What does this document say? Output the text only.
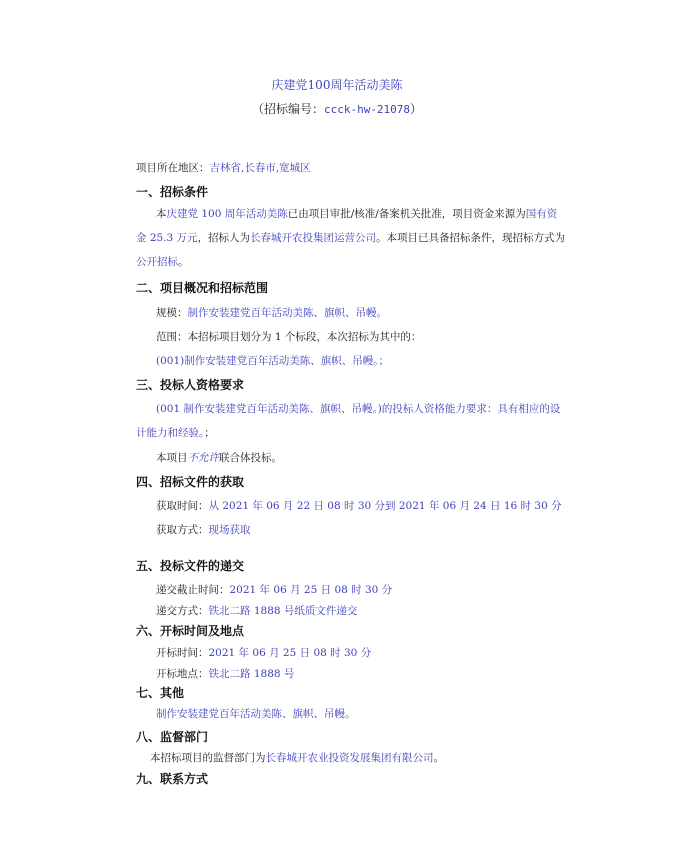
庆建党100周年活动美陈
（招标编号：ccck-hw-21078）
项目所在地区：吉林省,长春市,宽城区
一、招标条件
本庆建党 100 周年活动美陈已由项目审批/核准/备案机关批准，项目资金来源为国有资金 25.3 万元，招标人为长春城开农投集团运营公司。本项目已具备招标条件，现招标方式为公开招标。
二、项目概况和招标范围
规模：制作安装建党百年活动美陈、旗帜、吊幔。
范围：本招标项目划分为 1 个标段，本次招标为其中的：
(001)制作安装建党百年活动美陈、旗帜、吊幔。；
三、投标人资格要求
(001 制作安装建党百年活动美陈、旗帜、吊幔。)的投标人资格能力要求：具有相应的设计能力和经验。；
本项目不允许联合体投标。
四、招标文件的获取
获取时间：从 2021 年 06 月 22 日 08 时 30 分到 2021 年 06 月 24 日 16 时 30 分
获取方式：现场获取
五、投标文件的递交
递交截止时间：2021 年 06 月 25 日 08 时 30 分
递交方式：铁北二路 1888 号纸质文件递交
六、开标时间及地点
开标时间：2021 年 06 月 25 日 08 时 30 分
开标地点：铁北二路 1888 号
七、其他
制作安装建党百年活动美陈、旗帜、吊幔。
八、监督部门
本招标项目的监督部门为长春城开农业投资发展集团有限公司。
九、联系方式
